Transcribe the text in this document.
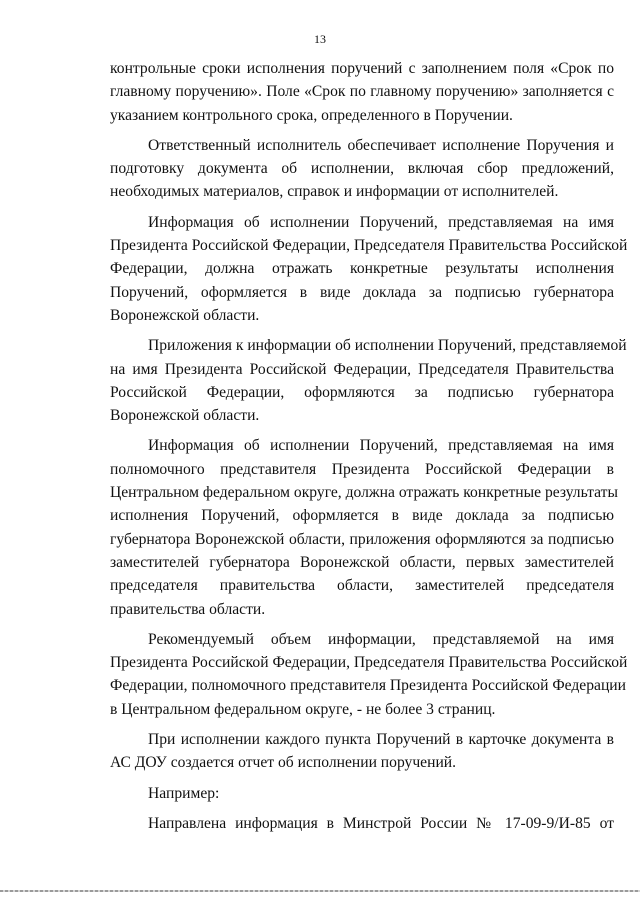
13
контрольные сроки исполнения поручений с заполнением поля «Срок по
главному поручению». Поле «Срок по главному поручению» заполняется с
указанием контрольного срока, определенного в Поручении.
Ответственный исполнитель обеспечивает исполнение Поручения и
подготовку документа об исполнении, включая сбор предложений,
необходимых материалов, справок и информации от исполнителей.
Информация об исполнении Поручений, представляемая на имя
Президента Российской Федерации, Председателя Правительства Российской
Федерации, должна отражать конкретные результаты исполнения
Поручений, оформляется в виде доклада за подписью губернатора
Воронежской области.
Приложения к информации об исполнении Поручений, представляемой
на имя Президента Российской Федерации, Председателя Правительства
Российской Федерации, оформляются за подписью губернатора
Воронежской области.
Информация об исполнении Поручений, представляемая на имя
полномочного представителя Президента Российской Федерации в
Центральном федеральном округе, должна отражать конкретные результаты
исполнения Поручений, оформляется в виде доклада за подписью
губернатора Воронежской области, приложения оформляются за подписью
заместителей губернатора Воронежской области, первых заместителей
председателя правительства области, заместителей председателя
правительства области.
Рекомендуемый объем информации, представляемой на имя
Президента Российской Федерации, Председателя Правительства Российской
Федерации, полномочного представителя Президента Российской Федерации
в Центральном федеральном округе, - не более 3 страниц.
При исполнении каждого пункта Поручений в карточке документа в
АС ДОУ создается отчет об исполнении поручений.
Например:
Направлена информация в Минстрой России № 17-09-9/И-85 от
